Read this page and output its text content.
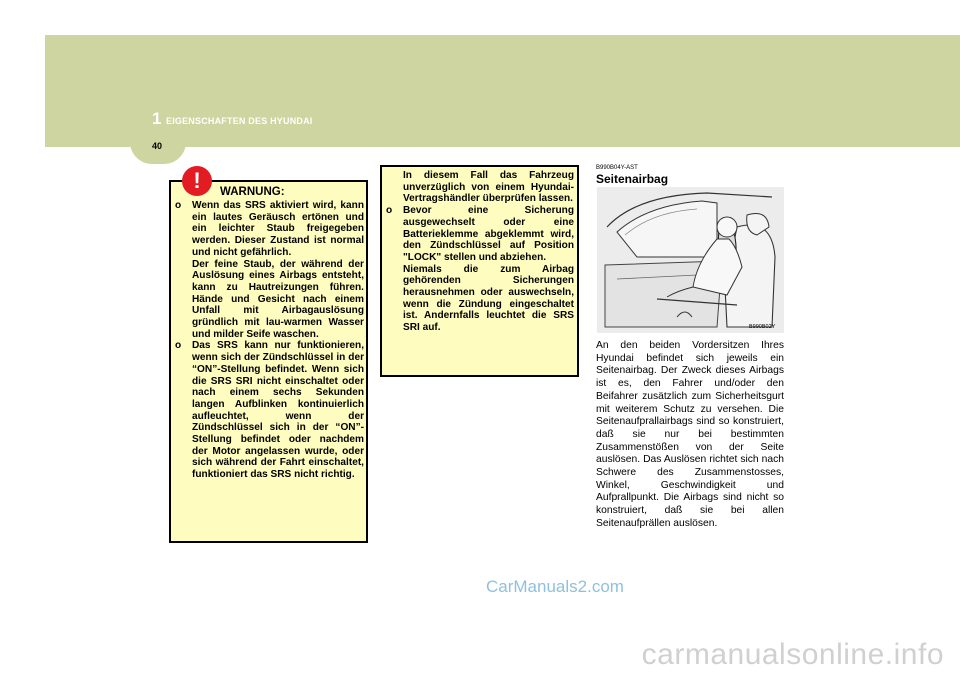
1 EIGENSCHAFTEN DES HYUNDAI
40
!	WARNUNG:

o Wenn das SRS aktiviert wird, kann ein lautes Geräusch ertönen und ein leichter Staub freigegeben werden. Dieser Zustand ist normal und nicht gefährlich.

Der feine Staub, der während der Auslösung eines Airbags entsteht, kann zu Hautreizungen führen. Hände und Gesicht nach einem Unfall mit Airbagauslösung gründlich mit lau-warmen Wasser und milder Seife waschen.

o Das SRS kann nur funktionieren, wenn sich der Zündschlüssel in der “ON”-Stellung befindet. Wenn sich die SRS SRI nicht einschaltet oder nach einem sechs Sekunden langen Aufblinken kontinuierlich aufleuchtet, wenn der Zündschlüssel sich in der “ON”-Stellung befindet oder nachdem der Motor angelassen wurde, oder sich während der Fahrt einschaltet, funktioniert das SRS nicht richtig.

In diesem Fall das Fahrzeug unverzüglich von einem Hyundai-Vertragshändler überprüfen lassen.

o Bevor eine Sicherung ausgewechselt oder eine Batterieklemme abgeklemmt wird, den Zündschlüssel auf Position "LOCK" stellen und abziehen.

Niemals die zum Airbag gehörenden Sicherungen herausnehmen oder auswechseln, wenn die Zündung eingeschaltet ist. Andernfalls leuchtet die SRS SRI auf.

B990B04Y-AST
Seitenairbag
B990B02Y

An den beiden Vordersitzen Ihres Hyundai befindet sich jeweils ein Seitenairbag. Der Zweck dieses Airbags ist es, den Fahrer und/oder den Beifahrer zusätzlich zum Sicherheitsgurt mit weiterem Schutz zu versehen. Die Seitenaufprallairbags sind so konstruiert, daß sie nur bei bestimmten Zusammenstößen von der Seite auslösen. Das Auslösen richtet sich nach Schwere des Zusammenstosses, Winkel, Geschwindigkeit und Aufprallpunkt. Die Airbags sind nicht so konstruiert, daß sie bei allen Seitenaufprällen auslösen.

CarManuals2.com
carmanualsonline.info
